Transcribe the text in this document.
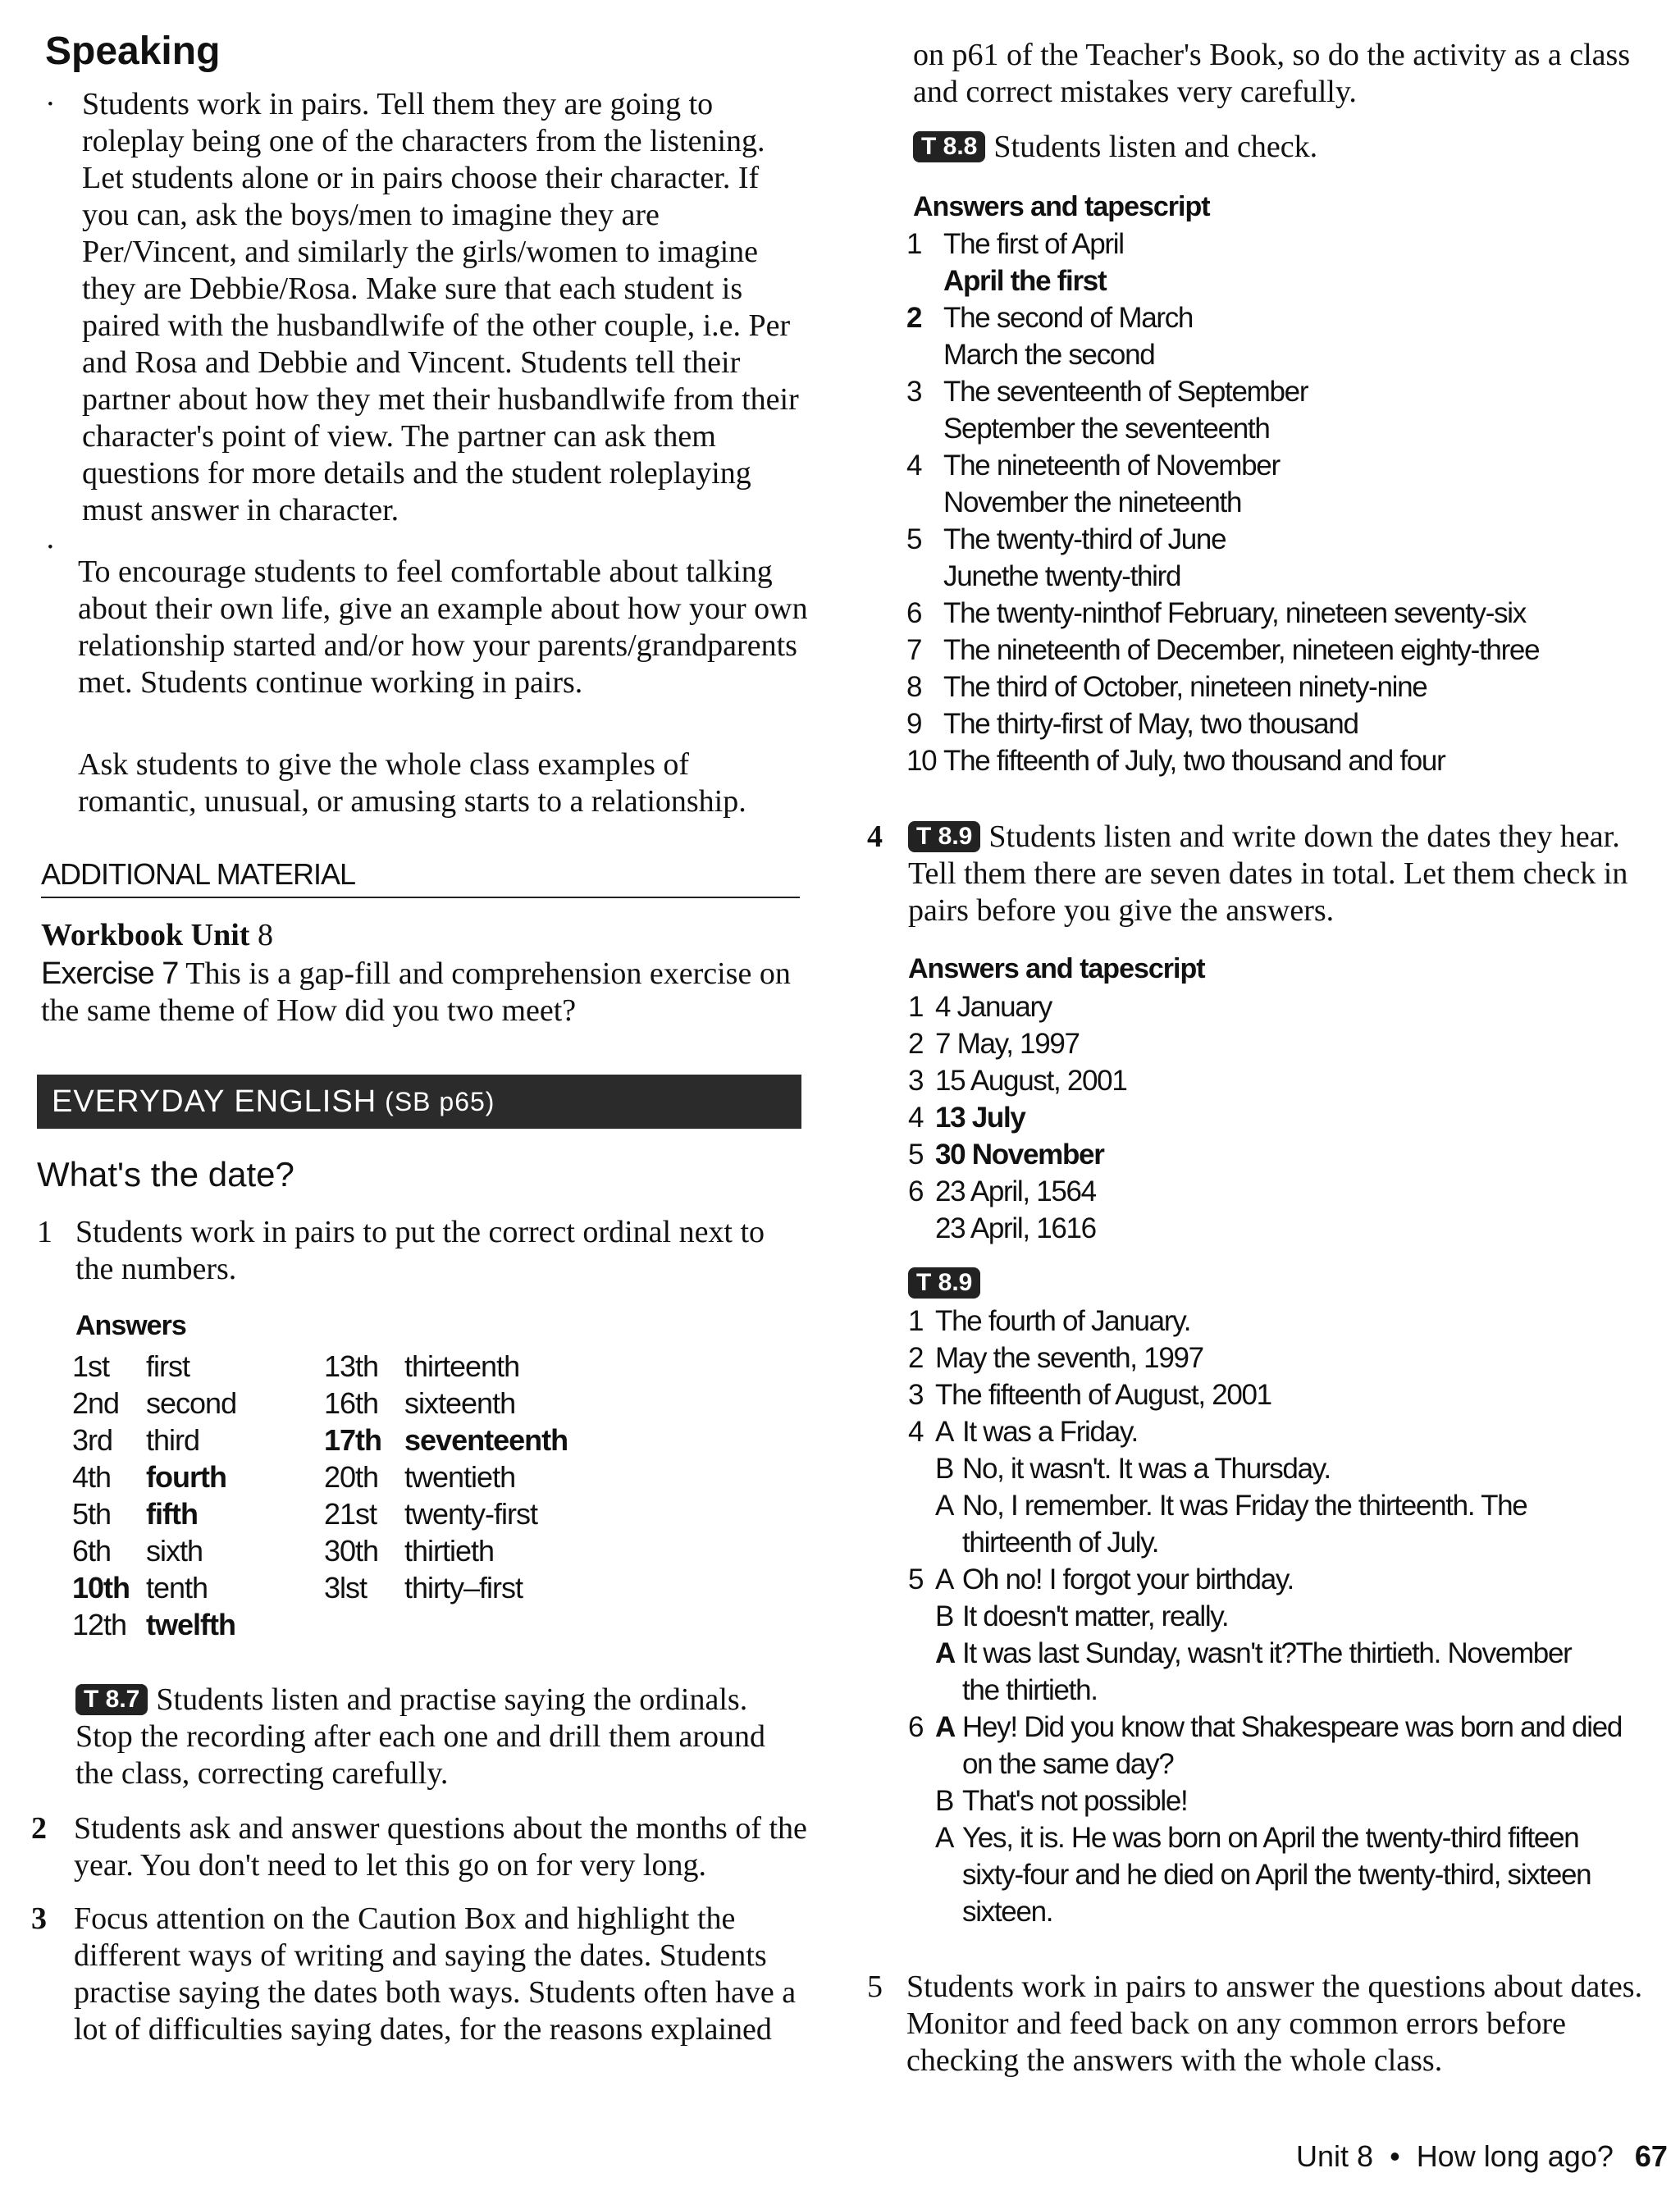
Speaking
· Students work in pairs. Tell them they are going to roleplay being one of the characters from the listening. Let students alone or in pairs choose their character. If you can, ask the boys/men to imagine they are Per/Vincent, and similarly the girls/women to imagine they are Debbie/Rosa. Make sure that each student is paired with the husbandlwife of the other couple, i.e. Per and Rosa and Debbie and Vincent. Students tell their partner about how they met their husbandlwife from their character's point of view. The partner can ask them questions for more details and the student roleplaying must answer in character.
·
To encourage students to feel comfortable about talking about their own life, give an example about how your own relationship started and/or how your parents/grandparents met. Students continue working in pairs.
Ask students to give the whole class examples of romantic, unusual, or amusing starts to a relationship.
ADDITIONAL MATERIAL
Workbook Unit 8
Exercise 7 This is a gap-fill and comprehension exercise on the same theme of How did you two meet?
EVERYDAY ENGLISH (SB p65)
What's the date?
1 Students work in pairs to put the correct ordinal next to the numbers.
Answers
1st first
2nd second
3rd third
4th fourth
5th fifth
6th sixth
10th tenth
12th twelfth
13th thirteenth
16th sixteenth
17th seventeenth
20th twentieth
21st twenty-first
30th thirtieth
3lst thirty–first
T 8.7 Students listen and practise saying the ordinals. Stop the recording after each one and drill them around the class, correcting carefully.
2 Students ask and answer questions about the months of the year. You don't need to let this go on for very long.
3 Focus attention on the Caution Box and highlight the different ways of writing and saying the dates. Students practise saying the dates both ways. Students often have a lot of difficulties saying dates, for the reasons explained
on p61 of the Teacher's Book, so do the activity as a class and correct mistakes very carefully.
T 8.8 Students listen and check.
Answers and tapescript
1 The first of April
April the first
2 The second of March
March the second
3 The seventeenth of September
September the seventeenth
4 The nineteenth of November
November the nineteenth
5 The twenty-third of June
Junethe twenty-third
6 The twenty-ninthof February, nineteen seventy-six
7 The nineteenth of December, nineteen eighty-three
8 The third of October, nineteen ninety-nine
9 The thirty-first of May, two thousand
10 The fifteenth of July, two thousand and four
4	T 8.9 Students listen and write down the dates they hear. Tell them there are seven dates in total. Let them check in pairs before you give the answers.
Answers and tapescript
1 4 January
2 7 May, 1997
3 15 August, 2001
4 13 July
5 30 November
6 23 April, 1564
23 April, 1616
T 8.9
1 The fourth of January.
2 May the seventh, 1997
3 The fifteenth of August, 2001
4 A It was a Friday.
B No, it wasn't. It was a Thursday.
A No, I remember. It was Friday the thirteenth. The
thirteenth of July.
5 A Oh no! I forgot your birthday.
B It doesn't matter, really.
A It was last Sunday, wasn't it?The thirtieth. November
the thirtieth.
6 A Hey! Did you know that Shakespeare was born and died
on the same day?
B That's not possible!
A Yes, it is. He was born on April the twenty-third fifteen
sixty-four and he died on April the twenty-third, sixteen
sixteen.
5 Students work in pairs to answer the questions about dates. Monitor and feed back on any common errors before checking the answers with the whole class.
Unit 8 • How long ago? 67
